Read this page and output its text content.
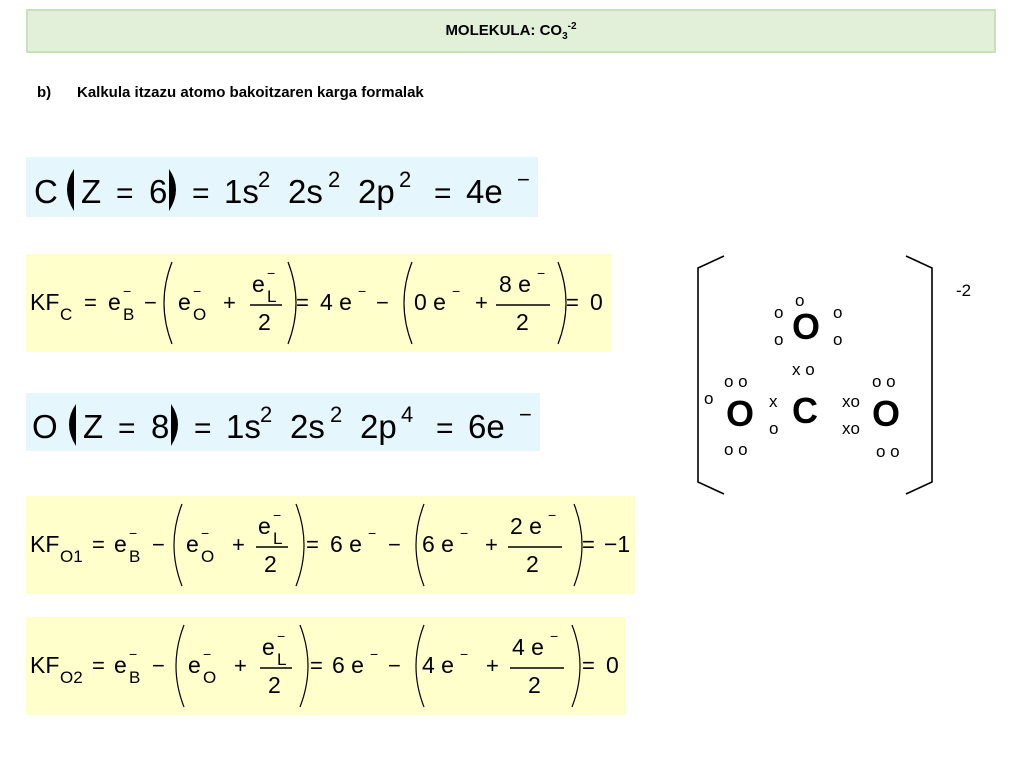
MOLEKULA: $CO_3^{-2}$
b) Kalkula itzazu atomo bakoitzaren karga formalak
C Z = 6 = 1s 2 2s 2 2p 2 = 4e −
KF C = e −
B − e −
O +
e −
L
2
= 4 e − − 0 e − +
8 e −
2
= 0
O Z = 8 = 1s 2 2s 2 2p 4 = 6e −
KF O1 = e −
B − e −
O +
e −
L
2
= 6 e − − 6 e − +
2 e −
2
= −1
KF O2 = e −
B − e −
O +
e −
L
2
= 6 e − − 4 e − +
4 e −
2
= 0
-2
o
o	o
O
o	o
x o
o o
o O
o o
x
o C xo
xo
o o
O
o o
